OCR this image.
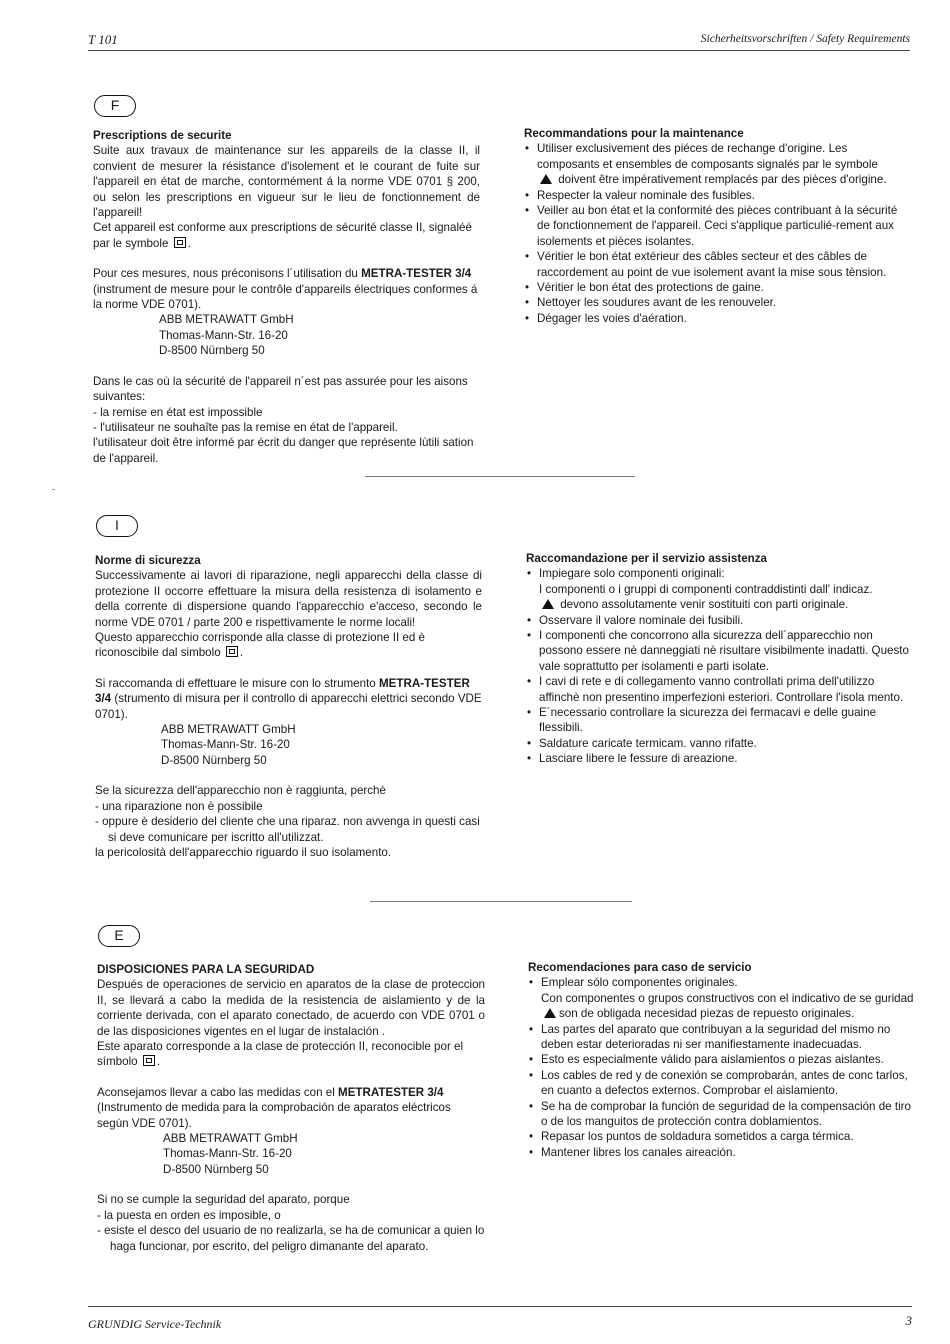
T 101	Sicherheitsvorschriften / Safety Requirements
F

Prescriptions de securite

Suite aux travaux de maintenance sur les appareils de la classe II, il convient de mesurer la résistance d'isolement et le courant de fuite sur l'appareil en état de marche, contormément á la norme VDE 0701 § 200, ou selon les prescriptions en vigueur sur le lieu de fonctionnement de l'appareil!

Cet appareil est conforme aux prescriptions de sécurité classe II, signaléé par le symbole .

Pour ces mesures, nous préconisons l´utilisation du METRA-TESTER 3/4 (instrument de mesure pour le contrôle d'appareils électriques conformes á la norme VDE 0701).

ABB METRAWATT GmbH

Thomas-Mann-Str. 16-20

D-8500 Nürnberg 50

Dans le cas où la sécurité de l'appareil n´est pas assurée pour les aisons suivantes:

- la remise en état est impossible

- l'utilisateur ne souhaîte pas la remise en état de l'appareil.

l'utilisateur doit être informé par écrit du danger que représente lùtili sation de l'appareil.

Recommandations pour la maintenance

• Utiliser exclusivement des piéces de rechange d'origine. Les composants et ensembles de composants signalés par le symbole
doivent être impérativement remplacés par des pièces d'origine.
• Respecter la valeur nominale des fusibles.
• Veiller au bon état et la conformité des pièces contribuant à la sécurité de fonctionnement de l'appareil. Ceci s'applique particulié-rement aux isolements et pièces isolantes.
• Véritier le bon état extérieur des câbles secteur et des câbles de raccordement au point de vue isolement avant la mise sous tènsion.
• Véritier le bon état des protections de gaine.
• Nettoyer les soudures avant de les renouveler.
• Dégager les voies d'aération.
I

Norme di sicurezza

Successivamente ai lavori di riparazione, negli apparecchi della classe di protezione II occorre effettuare la misura della resistenza di isolamento e della corrente di dispersione quando l'apparecchio e'acceso, secondo le norme VDE 0701 / parte 200 e rispettivamente le norme locali!

Questo apparecchio corrisponde alla classe di protezione II ed è riconoscibile dal simbolo .

Si raccomanda di effettuare le misure con lo strumento METRA-TESTER 3/4 (strumento di misura per il controllo di apparecchi elettrici secondo VDE 0701).

ABB METRAWATT GmbH

Thomas-Mann-Str. 16-20

D-8500 Nürnberg 50

Se la sicurezza dell'apparecchio non è raggiunta, perchè

- una riparazione non è possibile

- oppure è desiderio del cliente che una riparaz. non avvenga in questi casi si deve comunicare per iscritto all'utilizzat.

la pericolosità dell'apparecchio riguardo il suo isolamento.

Raccomandazione per il servizio assistenza

• Impiegare solo componenti originali:
I componenti o i gruppi di componenti contraddistinti dall' indicaz.
devono assolutamente venir sostituiti con parti originale.
• Osservare il valore nominale dei fusibili.
• I componenti che concorrono alla sicurezza dell´apparecchio non possono essere nè danneggiati nè risultare visibilmente inadatti. Questo vale soprattutto per isolamenti e parti isolate.
• I cavi di rete e di collegamento vanno controllati prima dell'utilizzo affinchè non presentino imperfezioni esteriori. Controllare l'isola mento.
• E´necessario controllare la sicurezza dei fermacavi e delle guaine flessibili.
• Saldature caricate termicam. vanno rifatte.
• Lasciare libere le fessure di areazione.
E

DISPOSICIONES PARA LA SEGURIDAD

Después de operaciones de servicio en aparatos de la clase de proteccion II, se llevará a cabo la medida de la resistencia de aislamiento y de la corriente derivada, con el aparato conectado, de acuerdo con VDE 0701 o de las disposiciones vigentes en el lugar de instalación .

Este aparato corresponde a la clase de protección II, reconocible por el símbolo .

Aconsejamos llevar a cabo las medidas con el METRATESTER 3/4 (Instrumento de medida para la comprobación de aparatos eléctricos según VDE 0701).

ABB METRAWATT GmbH

Thomas-Mann-Str. 16-20

D-8500 Nürnberg 50

Si no se cumple la seguridad del aparato, porque

- la puesta en orden es imposible, o

- esiste el desco del usuario de no realizarla, se ha de comunicar a quien lo haga funcionar, por escrito, del peligro dimanante del aparato.

Recomendaciones para caso de servicio

• Emplear sólo componentes originales.
Con componentes o grupos constructivos con el indicativo de se guridadson de obligada necesidad piezas de repuesto originales.
• Las partes del aparato que contribuyan a la seguridad del mismo no deben estar deterioradas ni ser manifiestamente inadecuadas.
• Esto es especialmente válido para aislamientos o piezas aislantes.
• Los cables de red y de conexión se comprobarán, antes de conc tarlos, en cuanto a defectos externos. Comprobar el aislamiento.
• Se ha de comprobar la función de seguridad de la compensación de tiro o de los manguitos de protección contra doblamientos.
• Repasar los puntos de soldadura sometidos a carga térmica.
• Mantener libres los canales aireación.
GRUNDIG Service-Technik	3
